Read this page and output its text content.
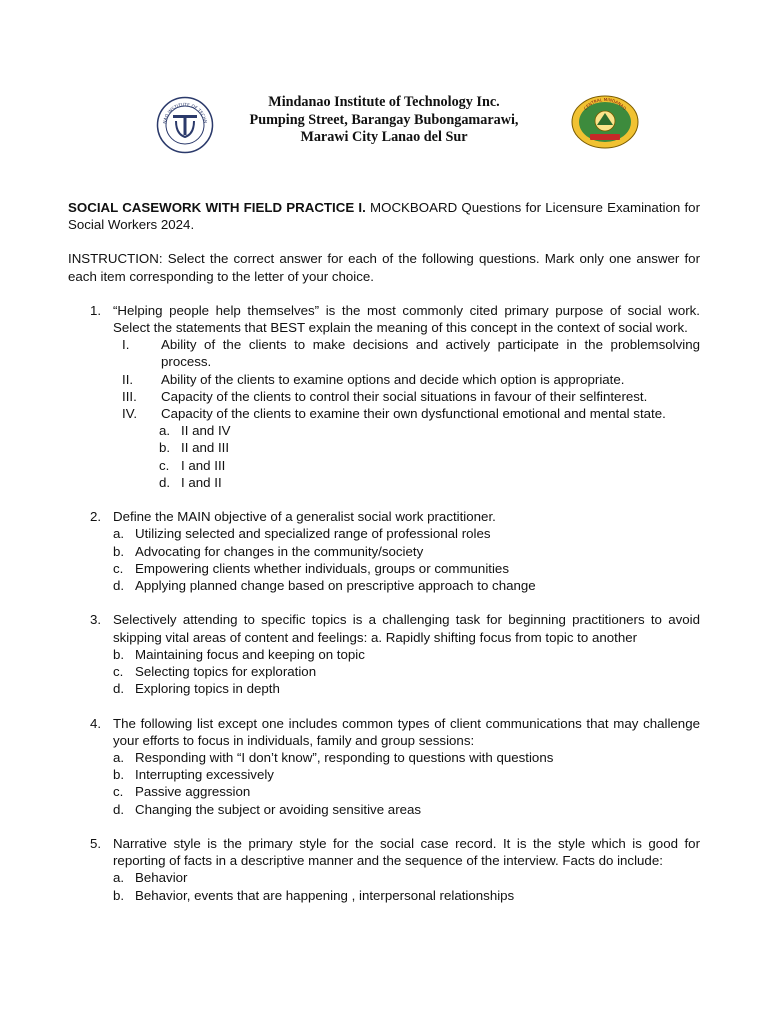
NAO INSTITUTE OF TECHN
Mindanao Institute of Technology Inc.
Pumping Street, Barangay Bubongamarawi,
Marawi City Lanao del Sur
CENTRAL MINDANAO

SOCIAL CASEWORK WITH FIELD PRACTICE I. MOCKBOARD Questions for Licensure Examination for Social Workers 2024.

INSTRUCTION: Select the correct answer for each of the following questions. Mark only one answer for each item corresponding to the letter of your choice.

1. “Helping people help themselves” is the most commonly cited primary purpose of social work. Select the statements that BEST explain the meaning of this concept in the context of social work.
I. Ability of the clients to make decisions and actively participate in the problemsolving process.
II. Ability of the clients to examine options and decide which option is appropriate.
III. Capacity of the clients to control their social situations in favour of their selfinterest.
IV. Capacity of the clients to examine their own dysfunctional emotional and mental state.
a. II and IV
b. II and III
c. I and III
d. I and II
2. Define the MAIN objective of a generalist social work practitioner.
a. Utilizing selected and specialized range of professional roles
b. Advocating for changes in the community/society
c. Empowering clients whether individuals, groups or communities
d. Applying planned change based on prescriptive approach to change
3. Selectively attending to specific topics is a challenging task for beginning practitioners to avoid skipping vital areas of content and feelings: a. Rapidly shifting focus from topic to another
b. Maintaining focus and keeping on topic
c. Selecting topics for exploration
d. Exploring topics in depth
4. The following list except one includes common types of client communications that may challenge your efforts to focus in individuals, family and group sessions:
a. Responding with “I don’t know”, responding to questions with questions
b. Interrupting excessively
c. Passive aggression
d. Changing the subject or avoiding sensitive areas
5. Narrative style is the primary style for the social case record. It is the style which is good for reporting of facts in a descriptive manner and the sequence of the interview. Facts do include:
a. Behavior
b. Behavior, events that are happening , interpersonal relationships
